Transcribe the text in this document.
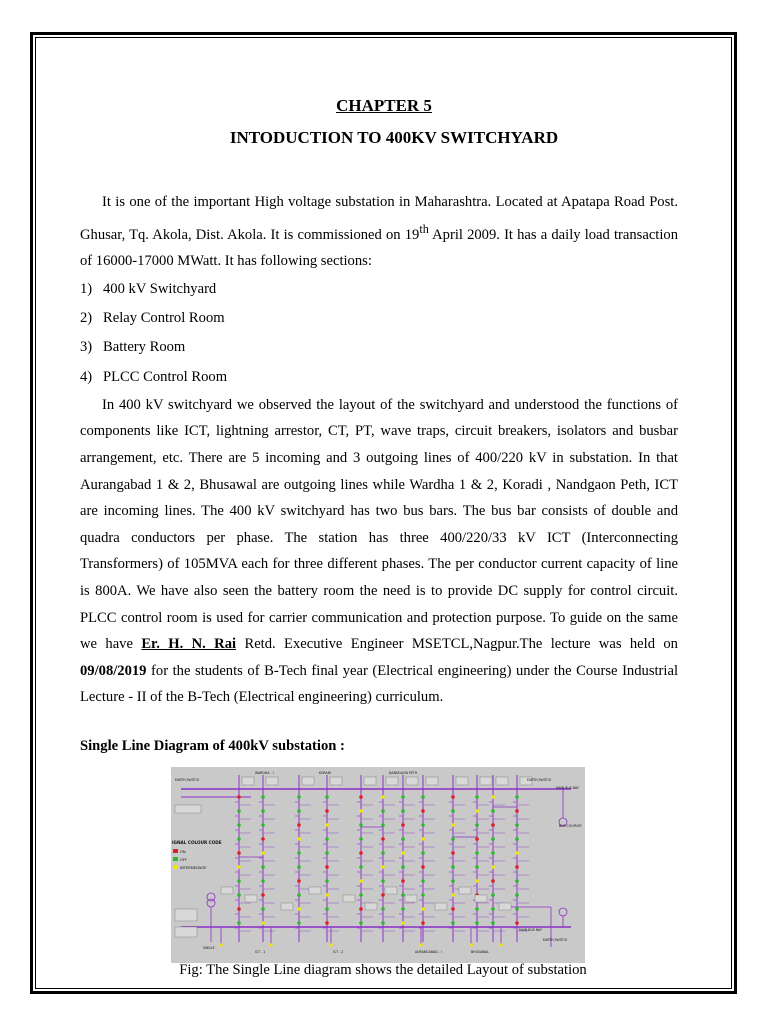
CHAPTER 5
INTODUCTION TO 400KV SWITCHYARD

It is one of the important High voltage substation in Maharashtra. Located at Apatapa Road Post. Ghusar, Tq. Akola, Dist. Akola. It is commissioned on 19th April 2009. It has a daily load transaction of 16000-17000 MWatt. It has following sections:

1) 400 kV Switchyard
2) Relay Control Room
3) Battery Room
4) PLCC Control Room

In 400 kV switchyard we observed the layout of the switchyard and understood the functions of components like ICT, lightning arrestor, CT, PT, wave traps, circuit breakers, isolators and busbar arrangement, etc. There are 5 incoming and 3 outgoing lines of 400/220 kV in substation. In that Aurangabad 1 & 2, Bhusawal are outgoing lines while Wardha 1 & 2, Koradi , Nandgaon Peth, ICT are incoming lines. The 400 kV switchyard has two bus bars. The bus bar consists of double and quadra conductors per phase. The station has three 400/220/33 kV ICT (Interconnecting Transformers) of 105MVA each for three different phases. The per conductor current capacity of line is 800A. We have also seen the battery room the need is to provide DC supply for control circuit. PLCC control room is used for carrier communication and protection purpose. To guide on the same we have Er. H. N. Rai Retd. Executive Engineer MSETCL,Nagpur.The lecture was held on 09/08/2019 for the students of B-Tech final year (Electrical engineering) under the Course Industrial Lecture - II of the B-Tech (Electrical engineering) curriculum.

Single Line Diagram of 400kV substation :
IGNAL COLOUR CODE
ON
OFF
INTERMEDIATE
EARTH SWITCH	EARTH SWITCH
EARTH SWITCH
MAIN BUS BAY
MAIN BUS BAY
ICT - 1	ICT - 2
WARDHA - I	KORADI	NANDGAON PETH
AURANGABAD - I	BHUSAWAL
BUS COUPLER
SINGLE
Fig: The Single Line diagram shows the detailed Layout of substation
